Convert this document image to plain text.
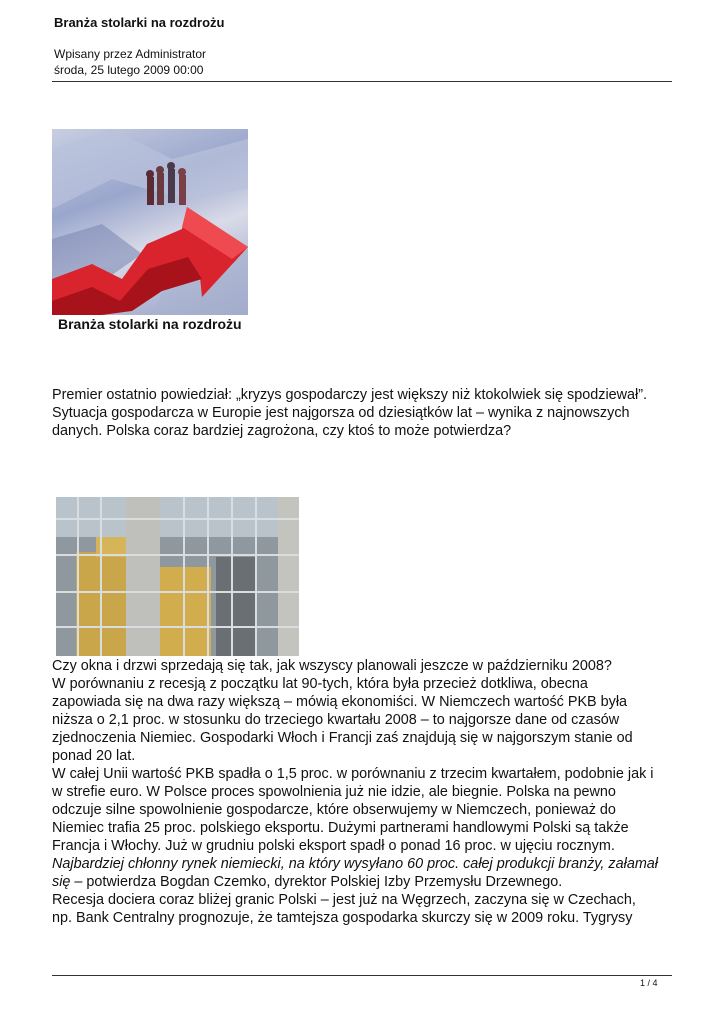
Branża stolarki na rozdrożu
Wpisany przez Administrator
środa, 25 lutego 2009 00:00
Branża stolarki na rozdrożu

Premier ostatnio powiedział: „kryzys gospodarczy jest większy niż ktokolwiek się spodziewał”.

Sytuacja gospodarcza w Europie jest najgorsza od dziesiątków lat – wynika z najnowszych

danych. Polska coraz bardziej zagrożona, czy ktoś to może potwierdza?

Czy okna i drzwi sprzedają się tak, jak wszyscy planowali jeszcze w październiku 2008?

W porównaniu z recesją z początku lat 90-tych, która była przecież dotkliwa, obecna

zapowiada się na dwa razy większą – mówią ekonomiści. W Niemczech wartość PKB była

niższa o 2,1 proc. w stosunku do trzeciego kwartału 2008 – to najgorsze dane od czasów

zjednoczenia Niemiec. Gospodarki Włoch i Francji zaś znajdują się w najgorszym stanie od

ponad 20 lat.

W całej Unii wartość PKB spadła o 1,5 proc. w porównaniu z trzecim kwartałem, podobnie jak i

w strefie euro. W Polsce proces spowolnienia już nie idzie, ale biegnie. Polska na pewno

odczuje silne spowolnienie gospodarcze, które obserwujemy w Niemczech, ponieważ do

Niemiec trafia 25 proc. polskiego eksportu. Dużymi partnerami handlowymi Polski są także

Francja i Włochy. Już w grudniu polski eksport spadł o ponad 16 proc. w ujęciu rocznym.

Najbardziej chłonny rynek niemiecki, na który wysyłano 60 proc. całej produkcji branży, załamał

się – potwierdza Bogdan Czemko, dyrektor Polskiej Izby Przemysłu Drzewnego.

Recesja dociera coraz bliżej granic Polski – jest już na Węgrzech, zaczyna się w Czechach,

np. Bank Centralny prognozuje, że tamtejsza gospodarka skurczy się w 2009 roku. Tygrysy

1 / 4
